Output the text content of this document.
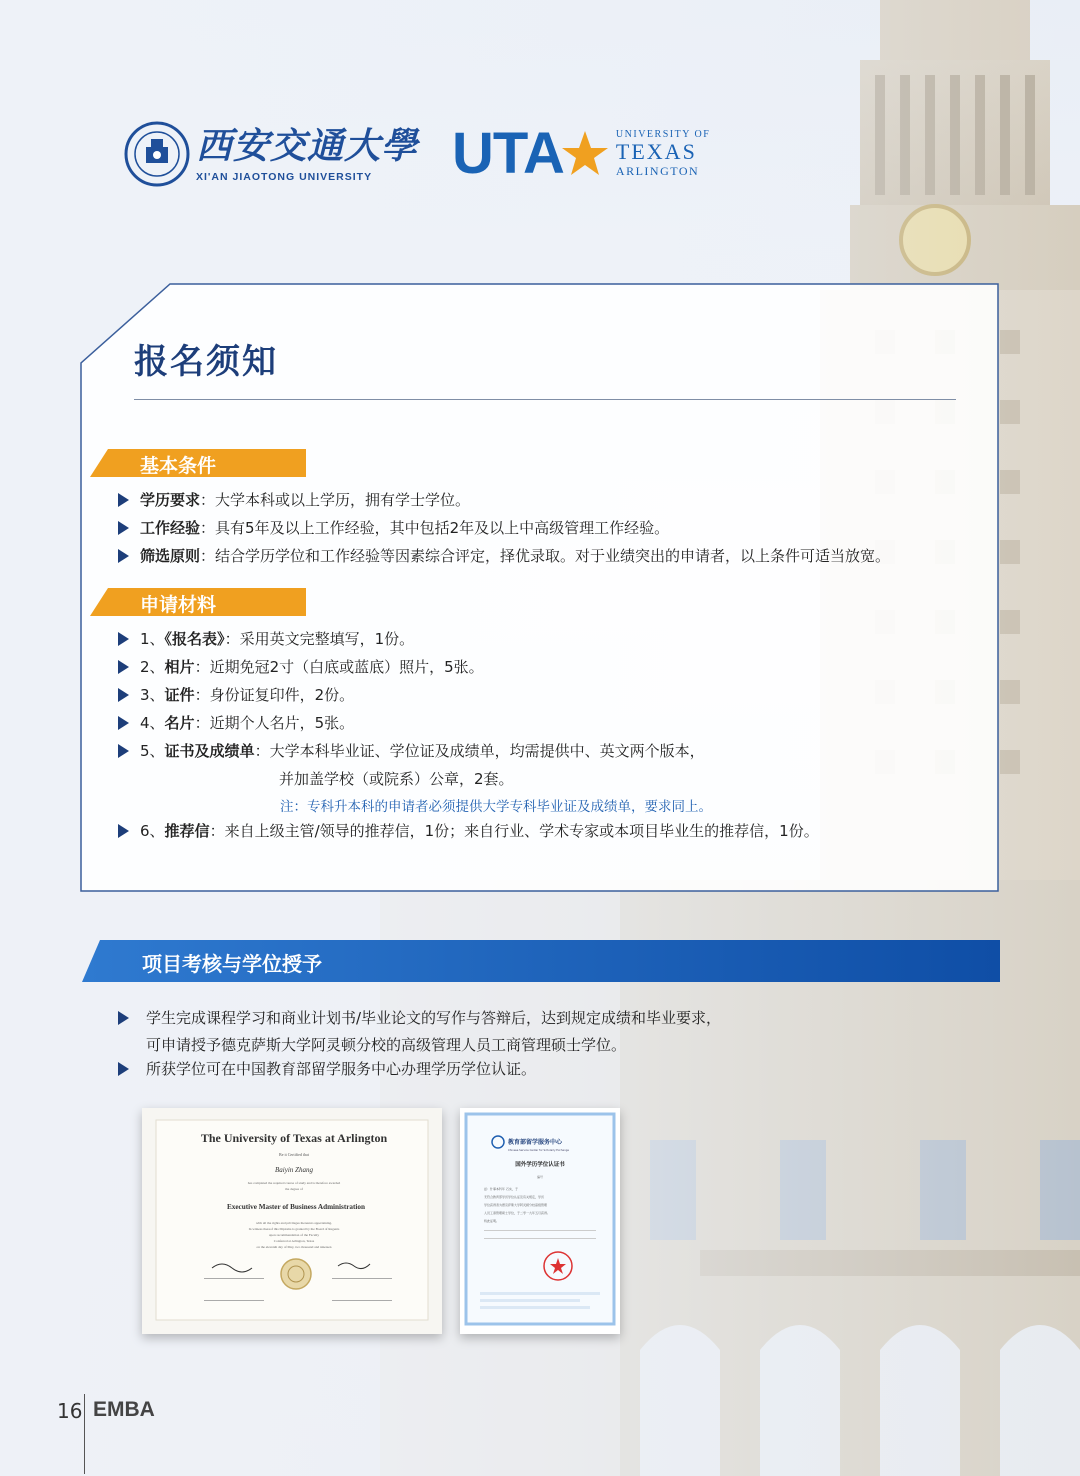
西安交通大學
XI'AN JIAOTONG UNIVERSITY	UTA	UNIVERSITY OF
TEXAS
ARLINGTON
报名须知
基本条件
学历要求：大学本科或以上学历，拥有学士学位。
工作经验：具有5年及以上工作经验，其中包括2年及以上中高级管理工作经验。
筛选原则：结合学历学位和工作经验等因素综合评定，择优录取。对于业绩突出的申请者，以上条件可适当放宽。
申请材料
1、《报名表》：采用英文完整填写，1份。
2、相片：近期免冠2寸（白底或蓝底）照片，5张。
3、证件：身份证复印件，2份。
4、名片：近期个人名片，5张。
5、证书及成绩单：大学本科毕业证、学位证及成绩单，均需提供中、英文两个版本，
并加盖学校（或院系）公章，2套。
注：专科升本科的申请者必须提供大学专科毕业证及成绩单，要求同上。
6、推荐信：来自上级主管/领导的推荐信，1份；来自行业、学术专家或本项目毕业生的推荐信，1份。
项目考核与学位授予
学生完成课程学习和商业计划书/毕业论文的写作与答辩后，达到规定成绩和毕业要求，
可申请授予德克萨斯大学阿灵顿分校的高级管理人员工商管理硕士学位。
所获学位可在中国教育部留学服务中心办理学历学位认证。
The University of Texas at Arlington
Be it Certified that
Baiyin Zhang
has completed the required course of study and is therefore awarded
the degree of
Executive Master of Business Administration
with all the rights and privileges thereunto appertaining.
In witness thereof this Diploma is granted by the Board of Regents
upon recommendation of the Faculty
Conferred at Arlington, Texas
on the eleventh day of May, two thousand and nineteen
教育部留学服务中心
Chinese Service Center for Scholarly Exchange
国外学历学位认证书
编号
兹：什事本科年 石实，于
无符合教育部学历学位认证及有关规定，学历
学位获得者为德克萨斯大学阿灵顿分校高级管理
人员工商管理硕士学位，于二零一九年五月获得。
特此证明。
16 EMBA
